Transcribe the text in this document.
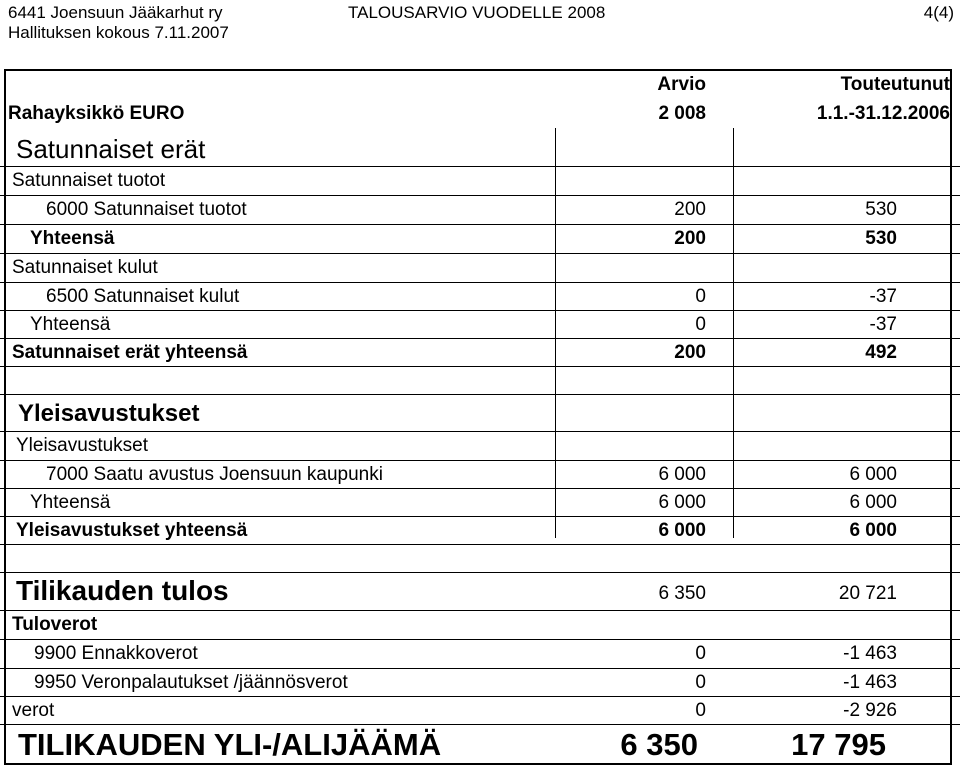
6441 Joensuun Jääkarhut ry
Hallituksen kokous 7.11.2007
TALOUSARVIO VUODELLE 2008	4(4)
Arvio	Touteutunut
Rahayksikkö EURO	2 008	1.1.-31.12.2006
Satunnaiset erät
Satunnaiset tuotot
6000 Satunnaiset tuotot	200	530
Yhteensä	200	530
Satunnaiset kulut
6500 Satunnaiset kulut	0	-37
Yhteensä	0	-37
Satunnaiset erät yhteensä	200	492
Yleisavustukset
Yleisavustukset
7000 Saatu avustus Joensuun kaupunki	6 000	6 000
Yhteensä	6 000	6 000
Yleisavustukset yhteensä	6 000	6 000
Tilikauden tulos	6 350	20 721
Tuloverot
9900 Ennakkoverot	0	-1 463
9950 Veronpalautukset /jäännösverot	0	-1 463
verot	0	-2 926
TILIKAUDEN YLI-/ALIJÄÄMÄ	6 350	17 795
